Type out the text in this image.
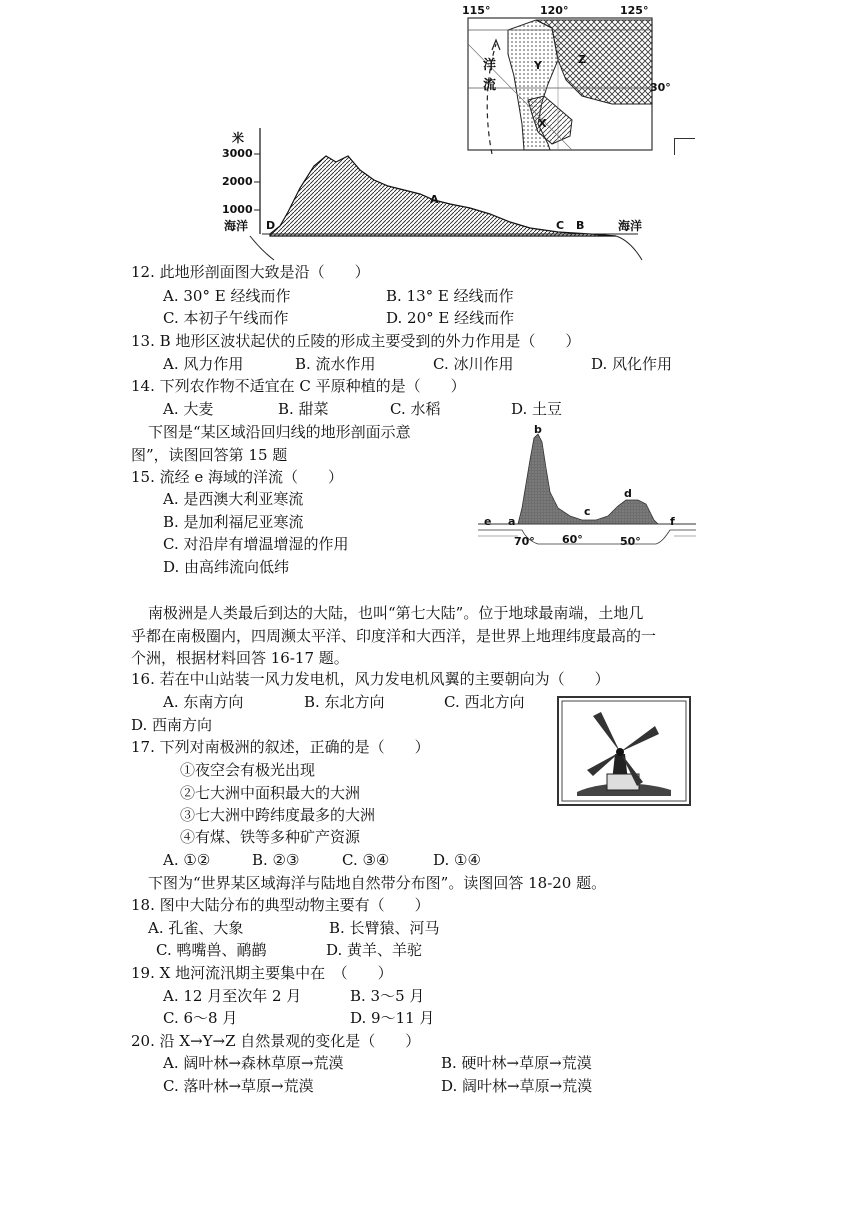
115°	120°	125°
30°
洋
流
Y	Z
X
米
3000
2000
1000
海洋	海洋
D
A
C B
12. 此地形剖面图大致是沿（　　）
A. 30° E 经线而作	B. 13° E 经线而作
C. 本初子午线而作	D. 20° E 经线而作
13. B 地形区波状起伏的丘陵的形成主要受到的外力作用是（　　）
A. 风力作用	B. 流水作用	C. 冰川作用	D. 风化作用
14. 下列农作物不适宜在 C 平原种植的是（　　）
A. 大麦	B. 甜菜	C. 水稻	D. 土豆
下图是“某区域沿回归线的地形剖面示意
图”，读图回答第 15 题
b
d
c
e a	f
70° 60°	50°
15. 流经 e 海域的洋流（　　）
A. 是西澳大利亚寒流
B. 是加利福尼亚寒流
C. 对沿岸有增温增湿的作用
D. 由高纬流向低纬
南极洲是人类最后到达的大陆，也叫“第七大陆”。位于地球最南端，土地几
乎都在南极圈内，四周濒太平洋、印度洋和大西洋，是世界上地理纬度最高的一
个洲，根据材料回答 16-17 题。
16. 若在中山站装一风力发电机，风力发电机风翼的主要朝向为（　　）
A. 东南方向	B. 东北方向	C. 西北方向
D. 西南方向
17. 下列对南极洲的叙述，正确的是（　　）
①夜空会有极光出现
②七大洲中面积最大的大洲
③七大洲中跨纬度最多的大洲
④有煤、铁等多种矿产资源
A. ①②	B. ②③	C. ③④	D. ①④
下图为“世界某区域海洋与陆地自然带分布图”。读图回答 18-20 题。
18. 图中大陆分布的典型动物主要有（　　）
A. 孔雀、大象	B. 长臂猿、河马
C. 鸭嘴兽、鸸鹋	D. 黄羊、羊驼
19. X 地河流汛期主要集中在　（　　）
A. 12 月至次年 2 月	B. 3～5 月
C. 6～8 月	D. 9～11 月
20. 沿 X→Y→Z 自然景观的变化是（　　）
A. 阔叶林→森林草原→荒漠	B. 硬叶林→草原→荒漠
C. 落叶林→草原→荒漠	D. 阔叶林→草原→荒漠
